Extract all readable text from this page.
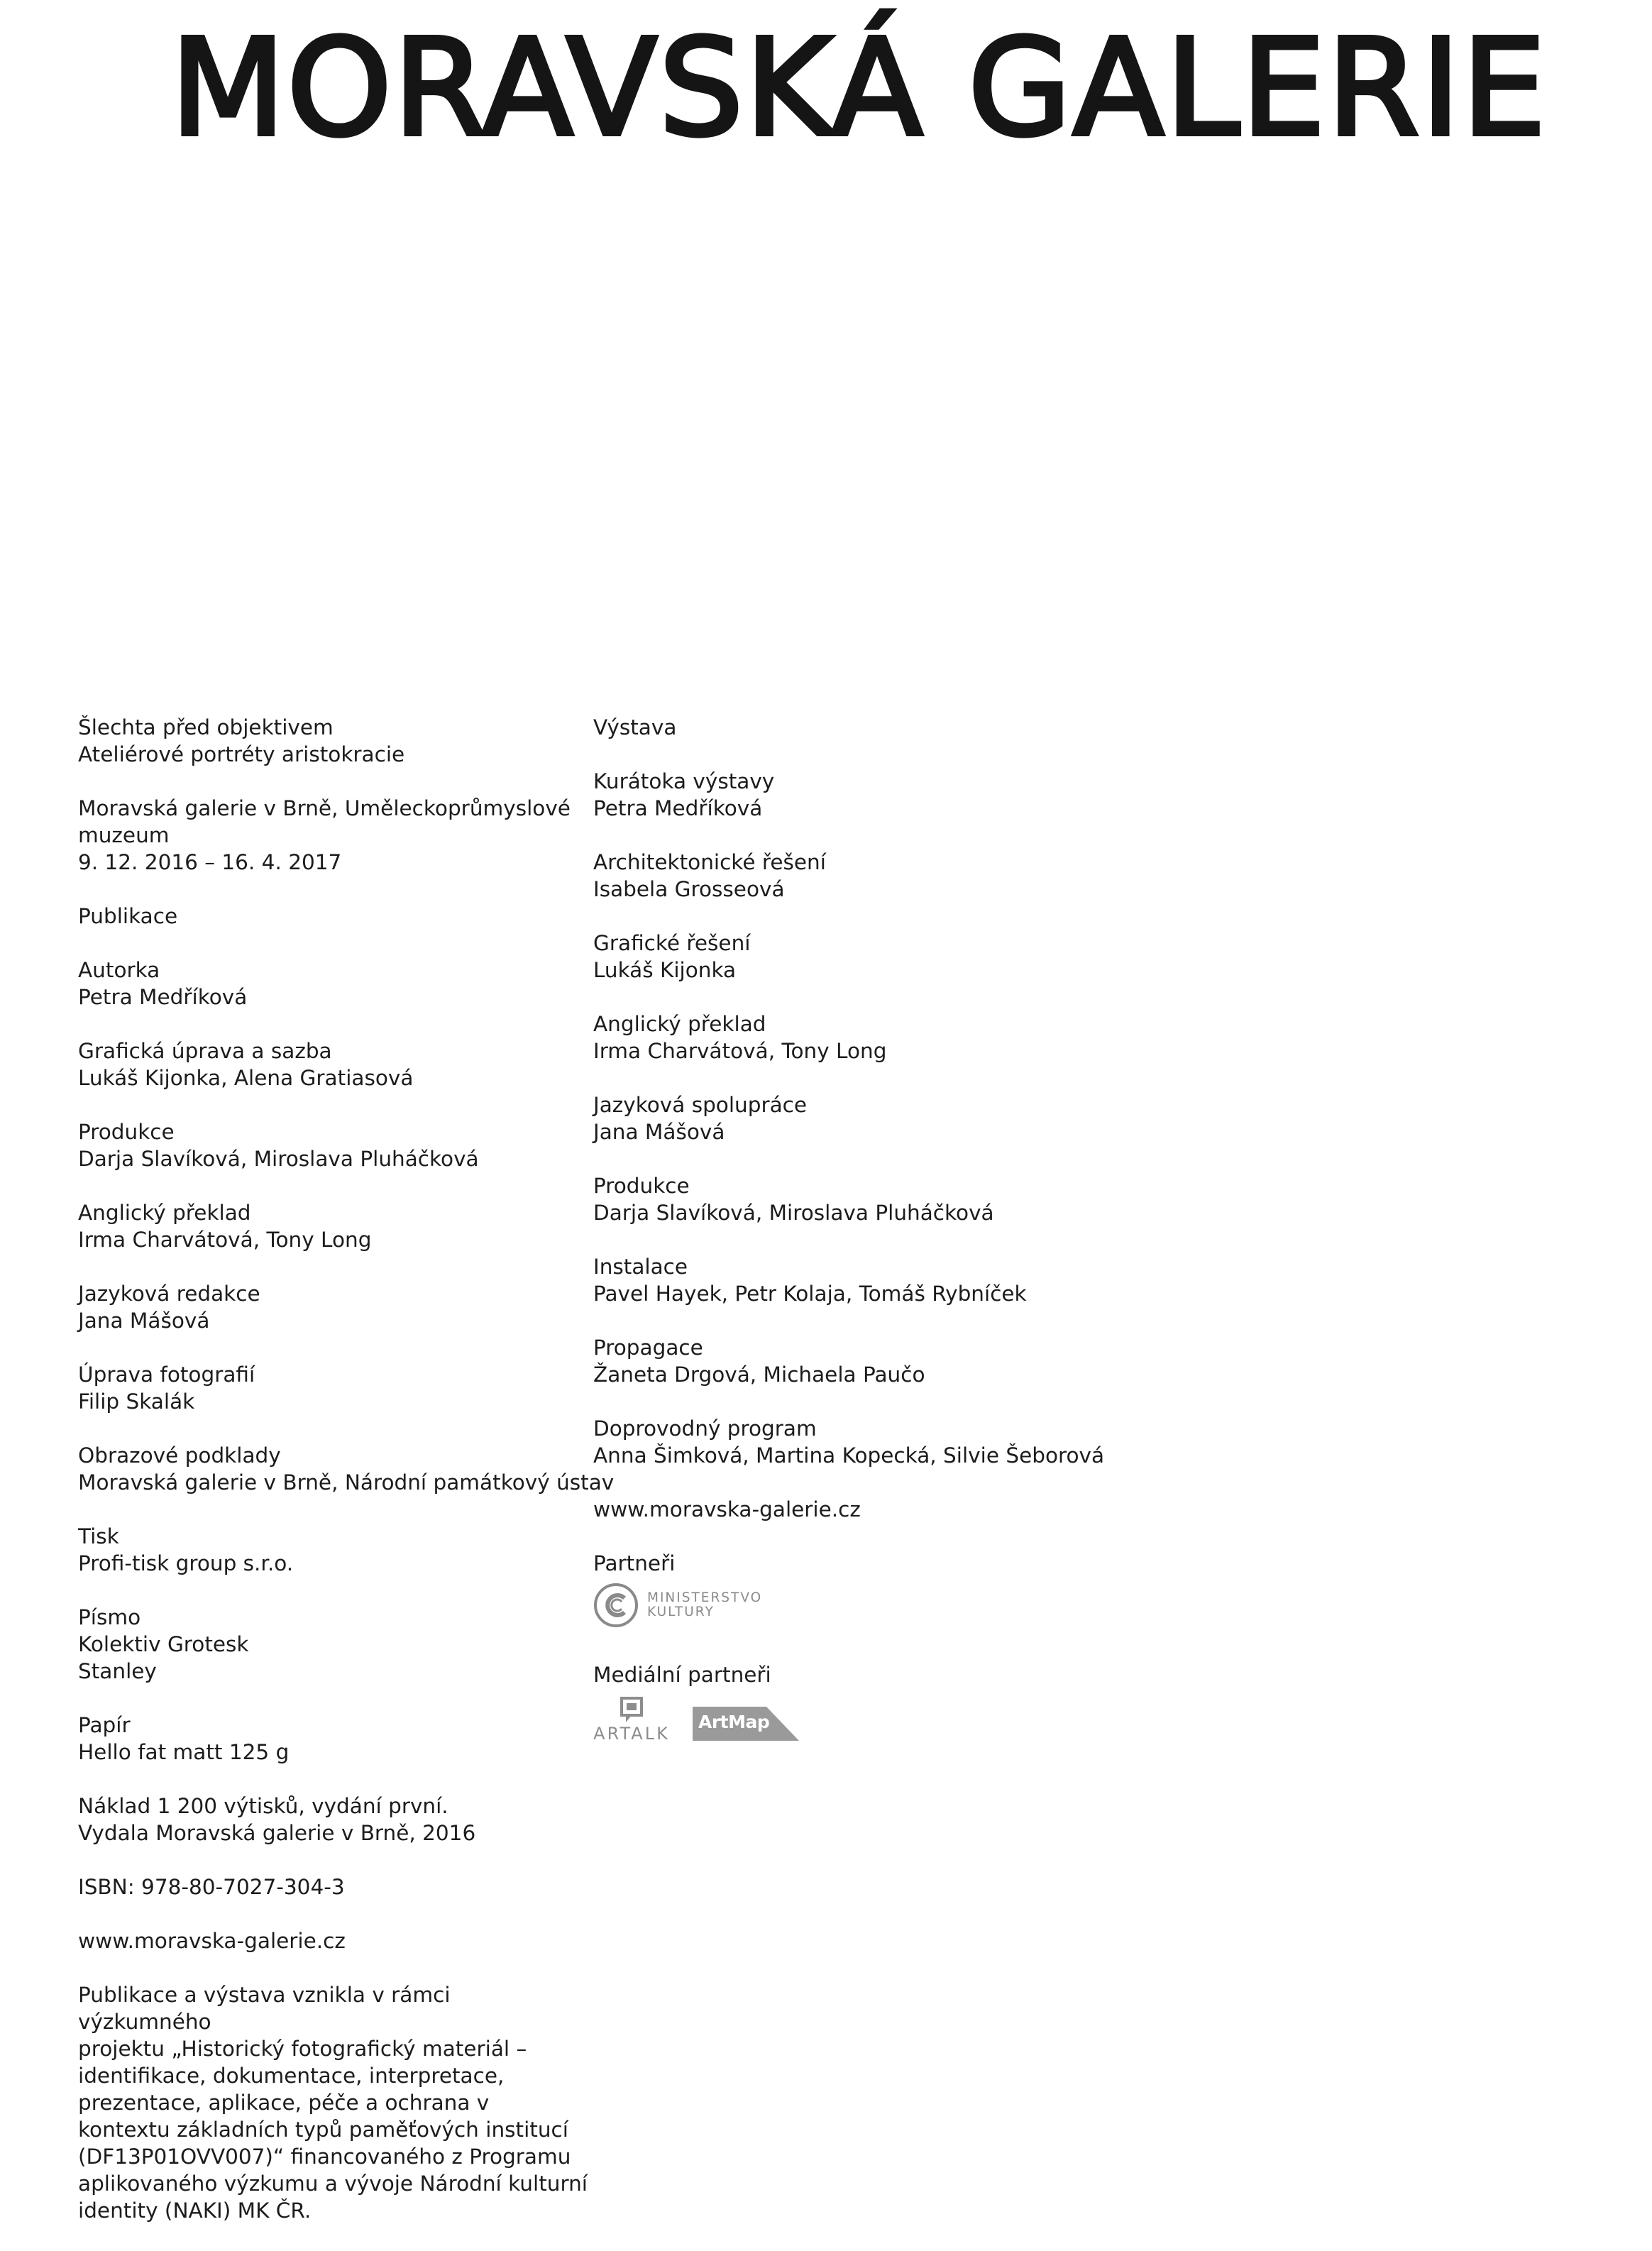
MORAVSKÁ GALERIE
Šlechta před objektivem
Ateliérové portréty aristokracie
Moravská galerie v Brně, Uměleckoprůmyslové
muzeum
9. 12. 2016 – 16. 4. 2017
Publikace
Autorka
Petra Medříková
Grafická úprava a sazba
Lukáš Kijonka, Alena Gratiasová
Produkce
Darja Slavíková, Miroslava Pluháčková
Anglický překlad
Irma Charvátová, Tony Long
Jazyková redakce
Jana Mášová
Úprava fotografií
Filip Skalák
Obrazové podklady
Moravská galerie v Brně, Národní památkový ústav
Tisk
Profi-tisk group s.r.o.
Písmo
Kolektiv Grotesk
Stanley
Papír
Hello fat matt 125 g
Náklad 1 200 výtisků, vydání první.
Vydala Moravská galerie v Brně, 2016
ISBN: 978-80-7027-304-3
www.moravska-galerie.cz
Publikace a výstava vznikla v rámci výzkumného
projektu „Historický fotografický materiál –
identifikace, dokumentace, interpretace,
prezentace, aplikace, péče a ochrana v
kontextu základních typů paměťových institucí
(DF13P01OVV007)“ financovaného z Programu
aplikovaného výzkumu a vývoje Národní kulturní
identity (NAKI) MK ČR.
Výstava
Kurátoka výstavy
Petra Medříková
Architektonické řešení
Isabela Grosseová
Grafické řešení
Lukáš Kijonka
Anglický překlad
Irma Charvátová, Tony Long
Jazyková spolupráce
Jana Mášová
Produkce
Darja Slavíková, Miroslava Pluháčková
Instalace
Pavel Hayek, Petr Kolaja, Tomáš Rybníček
Propagace
Žaneta Drgová, Michaela Paučo
Doprovodný program
Anna Šimková, Martina Kopecká, Silvie Šeborová
www.moravska-galerie.cz
Partneři
MINISTERSTVO
KULTURY
Mediální partneři
ARTALK
ArtMap
